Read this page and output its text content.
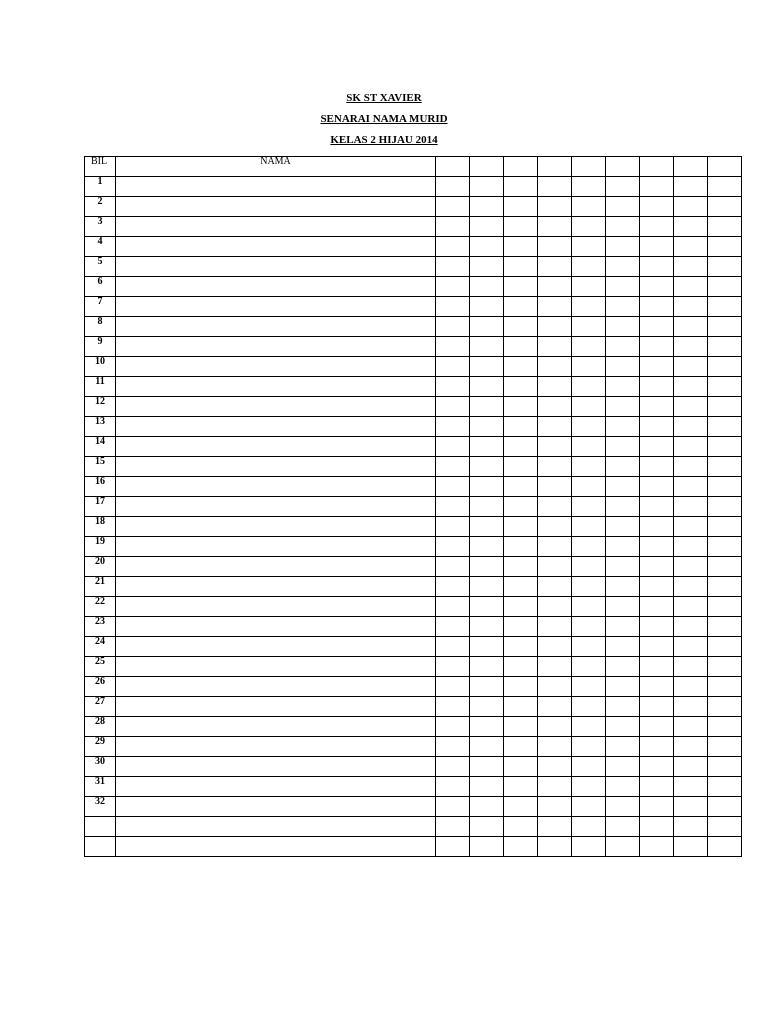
SK ST XAVIER
SENARAI NAMA MURID
KELAS 2 HIJAU 2014
BIL	NAMA									
1										
2										
3										
4										
5										
6										
7										
8										
9										
10										
11										
12										
13										
14										
15										
16										
17										
18										
19										
20										
21										
22										
23										
24										
25										
26										
27										
28										
29										
30										
31										
32										
